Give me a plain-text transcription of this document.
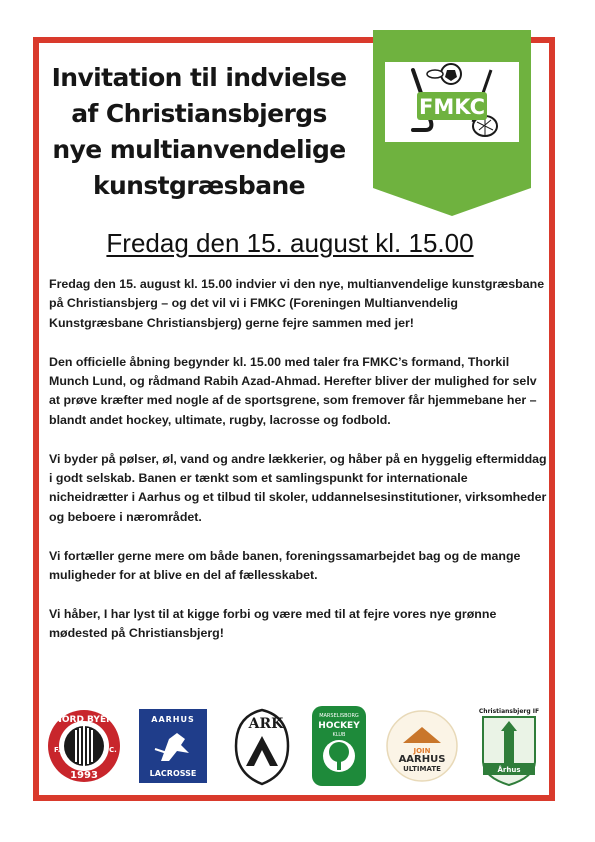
Invitation til indvielse
af Christiansbjergs
nye multianvendelige
kunstgræsbane
FMKC

Fredag den 15. august kl. 15.00

Fredag den 15. august kl. 15.00 indvier vi den nye, multianvendelige kunstgræsbane på Christiansbjerg – og det vil vi i FMKC (Foreningen Multianvendelig Kunstgræsbane Christiansbjerg) gerne fejre sammen med jer!

Den officielle åbning begynder kl. 15.00 med taler fra FMKC’s formand, Thorkil Munch Lund, og rådmand Rabih Azad-Ahmad. Herefter bliver der mulighed for selv at prøve kræfter med nogle af de sportsgrene, som fremover får hjemmebane her – blandt andet hockey, ultimate, rugby, lacrosse og fodbold.

Vi byder på pølser, øl, vand og andre lækkerier, og håber på en hyggelig eftermiddag i godt selskab. Banen er tænkt som et samlingspunkt for internationale nicheidrætter i Aarhus og et tilbud til skoler, uddannelsesinstitutioner, virksomheder og beboere i nærområdet.

Vi fortæller gerne mere om både banen, foreningssamarbejdet bag og de mange muligheder for at blive en del af fællesskabet.

Vi håber, I har lyst til at kigge forbi og være med til at fejre vores nye grønne mødested på Christiansbjerg!

NORD BYEN
F.	C.
1993
AARHUS
LACROSSE
ARK	MARSELISBORG
HOCKEY
KLUB
JOIN
AARHUS
ULTIMATE
Christiansbjerg IF
Århus
